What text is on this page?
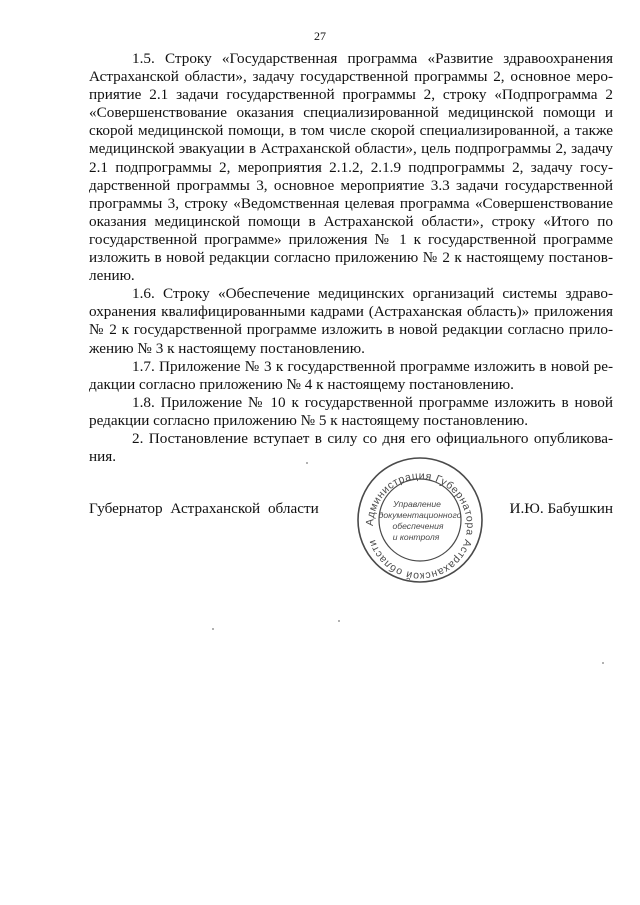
27

1.5. Строку «Государственная программа «Развитие здравоохранения Астраханской области», задачу государственной программы 2, основное мероприятие 2.1 задачи государственной программы 2, строку «Подпрограмма 2 «Совершенствование оказания специализированной медицинской помощи и скорой медицинской помощи, в том числе скорой специализированной, а также медицинской эвакуации в Астраханской области», цель подпрограммы 2, задачу 2.1 подпрограммы 2, мероприятия 2.1.2, 2.1.9 подпрограммы 2, задачу государственной программы 3, основное мероприятие 3.3 задачи государственной программы 3, строку «Ведомственная целевая программа «Совершенствование оказания медицинской помощи в Астраханской области», строку «Итого по государственной программе» приложения № 1 к государственной программе изложить в новой редакции согласно приложению № 2 к настоящему постановлению.

1.6. Строку «Обеспечение медицинских организаций системы здравоохранения квалифицированными кадрами (Астраханская область)» приложения № 2 к государственной программе изложить в новой редакции согласно приложению № 3 к настоящему постановлению.

1.7. Приложение № 3 к государственной программе изложить в новой редакции согласно приложению № 4 к настоящему постановлению.

1.8. Приложение № 10 к государственной программе изложить в новой редакции согласно приложению № 5 к настоящему постановлению.

2. Постановление вступает в силу со дня его официального опубликования.

Губернатор Астраханской области	И.Ю. Бабушкин
Администрация Губернатора Астраханской области
Управление
документационного
обеспечения
и контроля
